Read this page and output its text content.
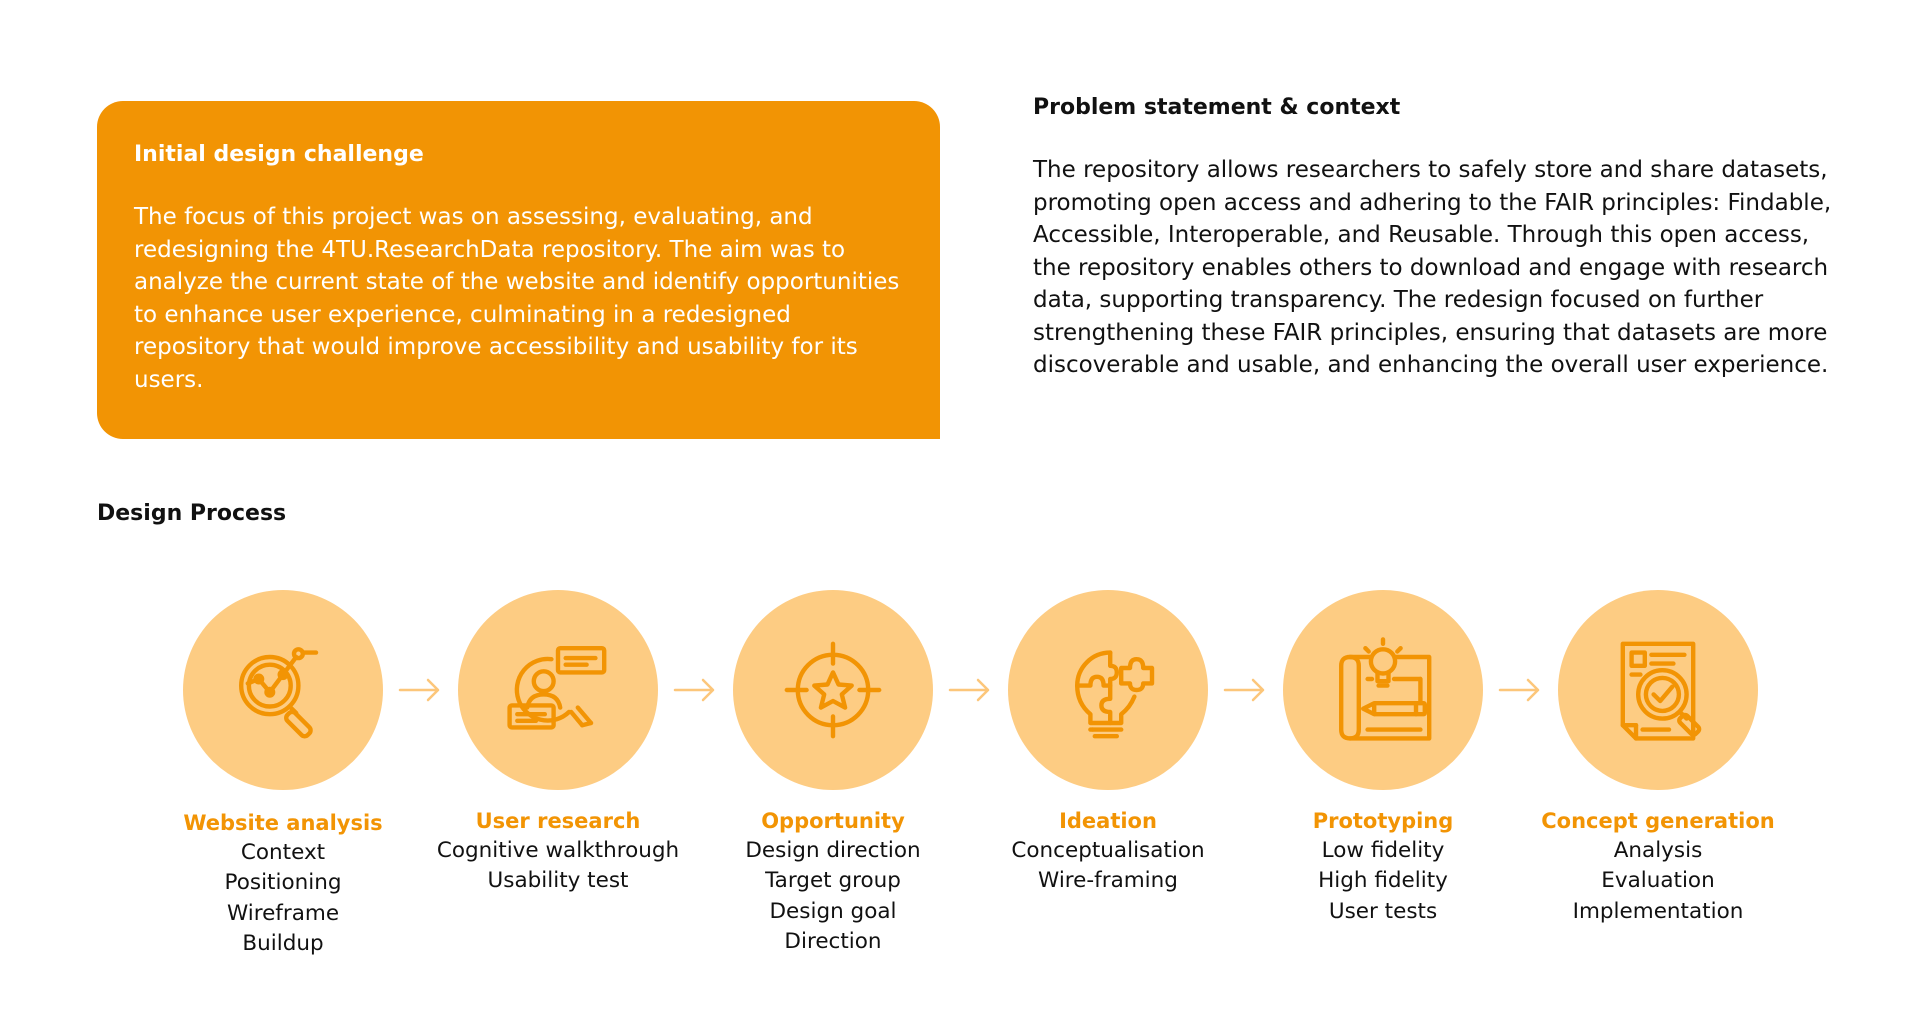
Initial design challenge

The focus of this project was on assessing, evaluating, and redesigning the 4TU.ResearchData repository. The aim was to analyze the current state of the website and identify opportunities to enhance user experience, culminating in a redesigned repository that would improve accessibility and usability for its users.

Problem statement & context

The repository allows researchers to safely store and share datasets, promoting open access and adhering to the FAIR principles: Findable, Accessible, Interoperable, and Reusable. Through this open access, the repository enables others to download and engage with research data, supporting transparency. The redesign focused on further strengthening these FAIR principles, ensuring that datasets are more discoverable and usable, and enhancing the overall user experience.

Design Process

Website analysis
Context
Positioning
Wireframe
Buildup
User research
Cognitive walkthrough
Usability test
Opportunity
Design direction
Target group
Design goal
Direction
Ideation
Conceptualisation
Wire-framing
Prototyping
Low fidelity
High fidelity
User tests
Concept generation
Analysis
Evaluation
Implementation
